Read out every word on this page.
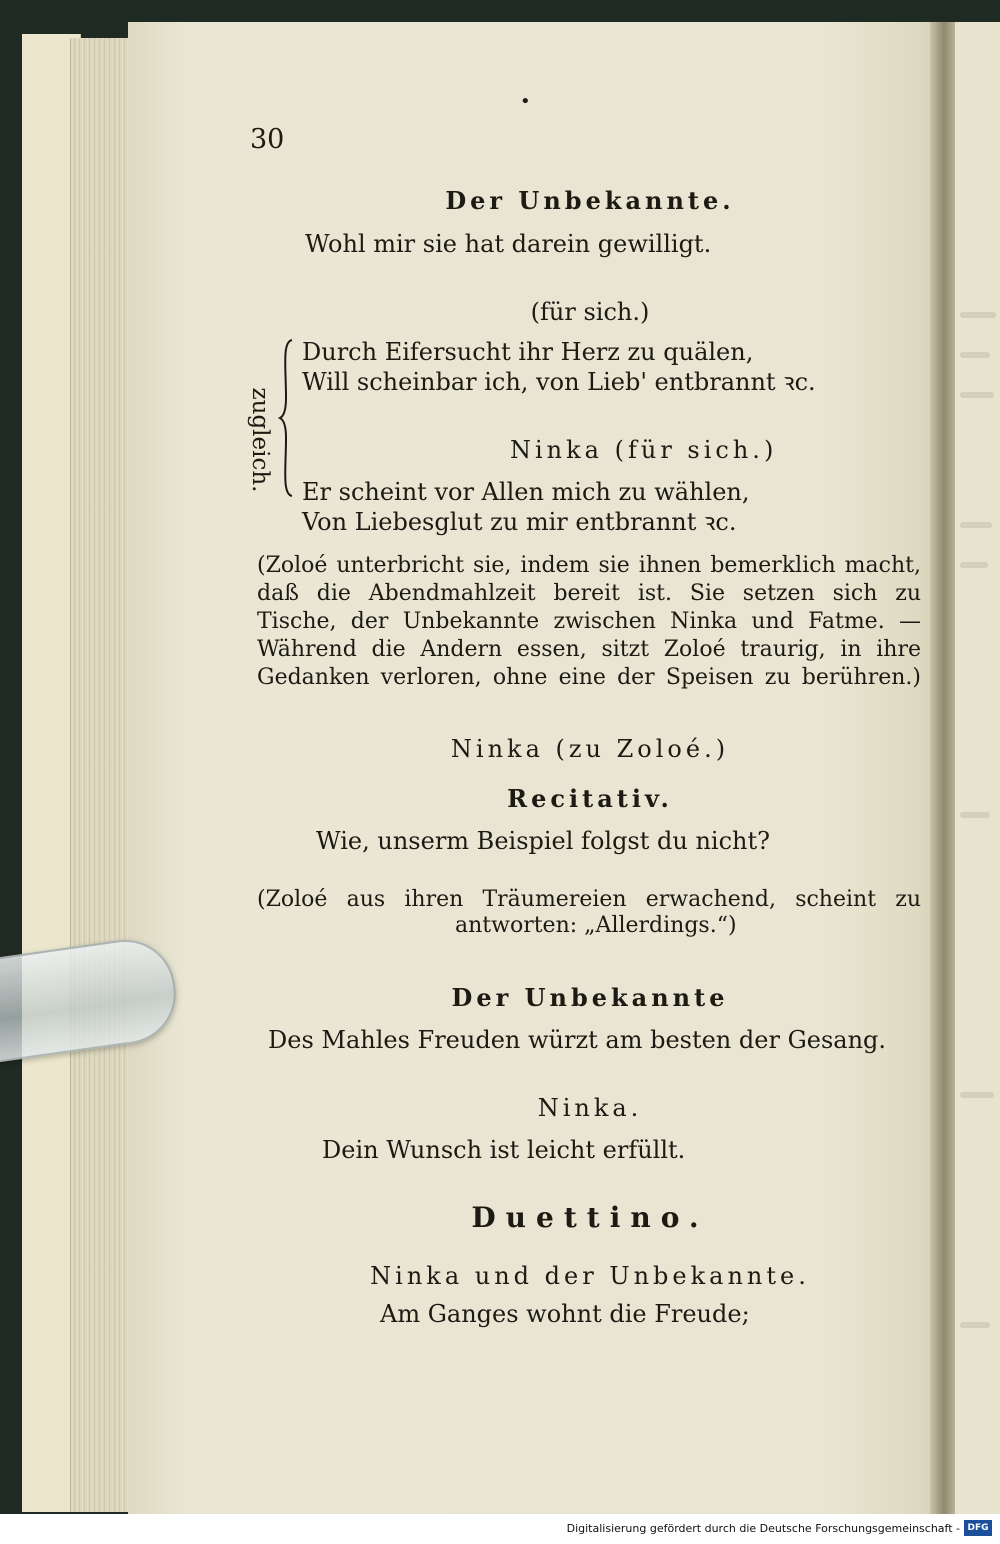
•
30
Der Unbekannte.
Wohl mir sie hat darein gewilligt.
(für sich.)
zugleich.
Durch Eifersucht ihr Herz zu quälen,
Will scheinbar ich, von Lieb' entbrannt ꝛc.
Ninka (für sich.)
Er scheint vor Allen mich zu wählen,
Von Liebesglut zu mir entbrannt ꝛc.
(Zoloé unterbricht sie, indem sie ihnen bemerklich macht,
daß die Abendmahlzeit bereit ist. Sie setzen sich zu
Tische, der Unbekannte zwischen Ninka und Fatme. —
Während die Andern essen, sitzt Zoloé traurig, in ihre
Gedanken verloren, ohne eine der Speisen zu berühren.)
Ninka (zu Zoloé.)
Recitativ.
Wie, unserm Beispiel folgst du nicht?
(Zoloé aus ihren Träumereien erwachend, scheint zu
antworten: „Allerdings.“)
Der Unbekannte
Des Mahles Freuden würzt am besten der Gesang.
Ninka.
Dein Wunsch ist leicht erfüllt.
Duettino.
Ninka und der Unbekannte.
Am Ganges wohnt die Freude;
Digitalisierung gefördert durch die Deutsche Forschungsgemeinschaft - DFG
